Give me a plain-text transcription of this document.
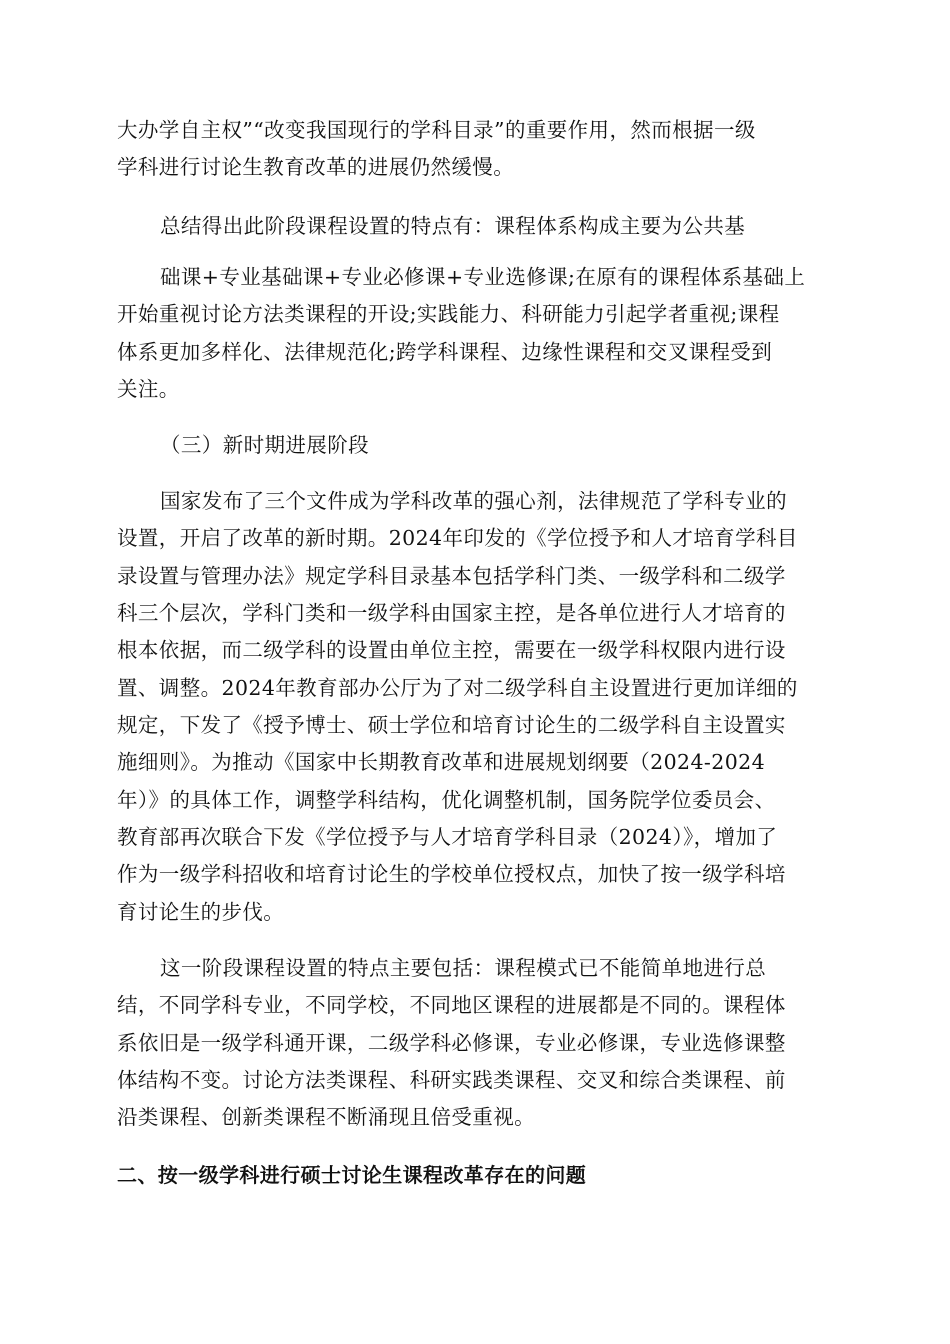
大办学自主权”“改变我国现行的学科目录”的重要作用，然而根据一级
学科进行讨论生教育改革的进展仍然缓慢。
总结得出此阶段课程设置的特点有：课程体系构成主要为公共基
础课+专业基础课+专业必修课+专业选修课;在原有的课程体系基础上
开始重视讨论方法类课程的开设;实践能力、科研能力引起学者重视;课程
体系更加多样化、法律规范化;跨学科课程、边缘性课程和交叉课程受到
关注。
（三）新时期进展阶段
国家发布了三个文件成为学科改革的强心剂，法律规范了学科专业的
设置，开启了改革的新时期。2024年印发的《学位授予和人才培育学科目
录设置与管理办法》规定学科目录基本包括学科门类、一级学科和二级学
科三个层次，学科门类和一级学科由国家主控，是各单位进行人才培育的
根本依据，而二级学科的设置由单位主控，需要在一级学科权限内进行设
置、调整。2024年教育部办公厅为了对二级学科自主设置进行更加详细的
规定，下发了《授予博士、硕士学位和培育讨论生的二级学科自主设置实
施细则》。为推动《国家中长期教育改革和进展规划纲要（2024-2024
年）》的具体工作，调整学科结构，优化调整机制，国务院学位委员会、
教育部再次联合下发《学位授予与人才培育学科目录（2024）》，增加了
作为一级学科招收和培育讨论生的学校单位授权点，加快了按一级学科培
育讨论生的步伐。
这一阶段课程设置的特点主要包括：课程模式已不能简单地进行总
结，不同学科专业，不同学校，不同地区课程的进展都是不同的。课程体
系依旧是一级学科通开课，二级学科必修课，专业必修课，专业选修课整
体结构不变。讨论方法类课程、科研实践类课程、交叉和综合类课程、前
沿类课程、创新类课程不断涌现且倍受重视。
二、按一级学科进行硕士讨论生课程改革存在的问题
